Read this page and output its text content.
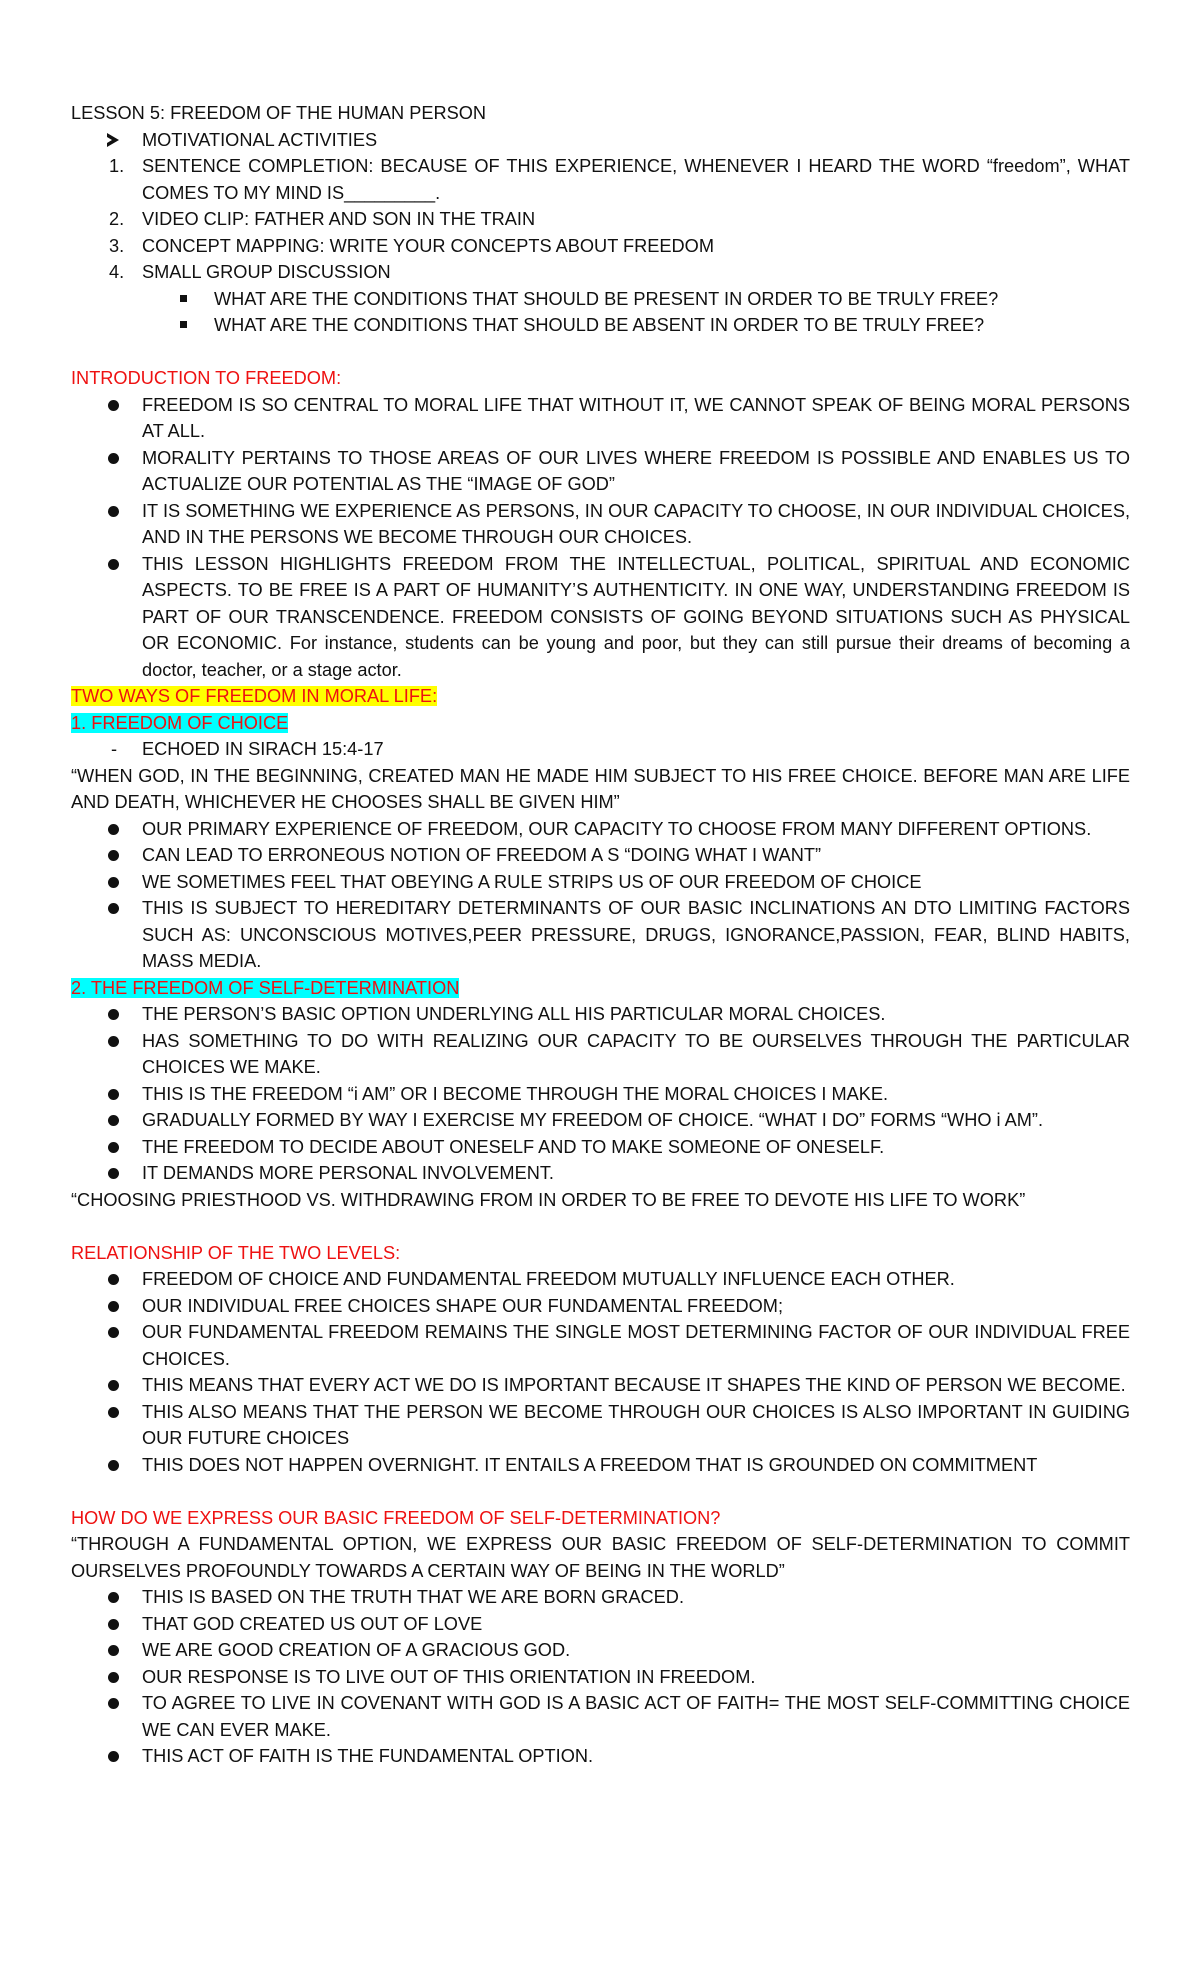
LESSON 5: FREEDOM OF THE HUMAN PERSON

MOTIVATIONAL ACTIVITIES
1. SENTENCE COMPLETION: BECAUSE OF THIS EXPERIENCE, WHENEVER I HEARD THE WORD “freedom”, WHAT COMES TO MY MIND IS_________.
2. VIDEO CLIP: FATHER AND SON IN THE TRAIN
3. CONCEPT MAPPING: WRITE YOUR CONCEPTS ABOUT FREEDOM
4. SMALL GROUP DISCUSSION
WHAT ARE THE CONDITIONS THAT SHOULD BE PRESENT IN ORDER TO BE TRULY FREE?
WHAT ARE THE CONDITIONS THAT SHOULD BE ABSENT IN ORDER TO BE TRULY FREE?

INTRODUCTION TO FREEDOM:

FREEDOM IS SO CENTRAL TO MORAL LIFE THAT WITHOUT IT, WE CANNOT SPEAK OF BEING MORAL PERSONS AT ALL.
MORALITY PERTAINS TO THOSE AREAS OF OUR LIVES WHERE FREEDOM IS POSSIBLE AND ENABLES US TO ACTUALIZE OUR POTENTIAL AS THE “IMAGE OF GOD”
IT IS SOMETHING WE EXPERIENCE AS PERSONS, IN OUR CAPACITY TO CHOOSE, IN OUR INDIVIDUAL CHOICES, AND IN THE PERSONS WE BECOME THROUGH OUR CHOICES.
THIS LESSON HIGHLIGHTS FREEDOM FROM THE INTELLECTUAL, POLITICAL, SPIRITUAL AND ECONOMIC ASPECTS. TO BE FREE IS A PART OF HUMANITY’S AUTHENTICITY. IN ONE WAY, UNDERSTANDING FREEDOM IS PART OF OUR TRANSCENDENCE. FREEDOM CONSISTS OF GOING BEYOND SITUATIONS SUCH AS PHYSICAL OR ECONOMIC. For instance, students can be young and poor, but they can still pursue their dreams of becoming a doctor, teacher, or a stage actor.

TWO WAYS OF FREEDOM IN MORAL LIFE:

1. FREEDOM OF CHOICE

- ECHOED IN SIRACH 15:4-17

“WHEN GOD, IN THE BEGINNING, CREATED MAN HE MADE HIM SUBJECT TO HIS FREE CHOICE. BEFORE MAN ARE LIFE AND DEATH, WHICHEVER HE CHOOSES SHALL BE GIVEN HIM”

OUR PRIMARY EXPERIENCE OF FREEDOM, OUR CAPACITY TO CHOOSE FROM MANY DIFFERENT OPTIONS.
CAN LEAD TO ERRONEOUS NOTION OF FREEDOM A S “DOING WHAT I WANT”
WE SOMETIMES FEEL THAT OBEYING A RULE STRIPS US OF OUR FREEDOM OF CHOICE
THIS IS SUBJECT TO HEREDITARY DETERMINANTS OF OUR BASIC INCLINATIONS AN DTO LIMITING FACTORS SUCH AS: UNCONSCIOUS MOTIVES,PEER PRESSURE, DRUGS, IGNORANCE,PASSION, FEAR, BLIND HABITS, MASS MEDIA.

2. THE FREEDOM OF SELF-DETERMINATION

THE PERSON’S BASIC OPTION UNDERLYING ALL HIS PARTICULAR MORAL CHOICES.
HAS SOMETHING TO DO WITH REALIZING OUR CAPACITY TO BE OURSELVES THROUGH THE PARTICULAR CHOICES WE MAKE.
THIS IS THE FREEDOM “i AM” OR I BECOME THROUGH THE MORAL CHOICES I MAKE.
GRADUALLY FORMED BY WAY I EXERCISE MY FREEDOM OF CHOICE. “WHAT I DO” FORMS “WHO i AM”.
THE FREEDOM TO DECIDE ABOUT ONESELF AND TO MAKE SOMEONE OF ONESELF.
IT DEMANDS MORE PERSONAL INVOLVEMENT.

“CHOOSING PRIESTHOOD VS. WITHDRAWING FROM IN ORDER TO BE FREE TO DEVOTE HIS LIFE TO WORK”

RELATIONSHIP OF THE TWO LEVELS:

FREEDOM OF CHOICE AND FUNDAMENTAL FREEDOM MUTUALLY INFLUENCE EACH OTHER.
OUR INDIVIDUAL FREE CHOICES SHAPE OUR FUNDAMENTAL FREEDOM;
OUR FUNDAMENTAL FREEDOM REMAINS THE SINGLE MOST DETERMINING FACTOR OF OUR INDIVIDUAL FREE CHOICES.
THIS MEANS THAT EVERY ACT WE DO IS IMPORTANT BECAUSE IT SHAPES THE KIND OF PERSON WE BECOME.
THIS ALSO MEANS THAT THE PERSON WE BECOME THROUGH OUR CHOICES IS ALSO IMPORTANT IN GUIDING OUR FUTURE CHOICES
THIS DOES NOT HAPPEN OVERNIGHT. IT ENTAILS A FREEDOM THAT IS GROUNDED ON COMMITMENT

HOW DO WE EXPRESS OUR BASIC FREEDOM OF SELF-DETERMINATION?

“THROUGH A FUNDAMENTAL OPTION, WE EXPRESS OUR BASIC FREEDOM OF SELF-DETERMINATION TO COMMIT OURSELVES PROFOUNDLY TOWARDS A CERTAIN WAY OF BEING IN THE WORLD”

THIS IS BASED ON THE TRUTH THAT WE ARE BORN GRACED.
THAT GOD CREATED US OUT OF LOVE
WE ARE GOOD CREATION OF A GRACIOUS GOD.
OUR RESPONSE IS TO LIVE OUT OF THIS ORIENTATION IN FREEDOM.
TO AGREE TO LIVE IN COVENANT WITH GOD IS A BASIC ACT OF FAITH= THE MOST SELF-COMMITTING CHOICE WE CAN EVER MAKE.
THIS ACT OF FAITH IS THE FUNDAMENTAL OPTION.
